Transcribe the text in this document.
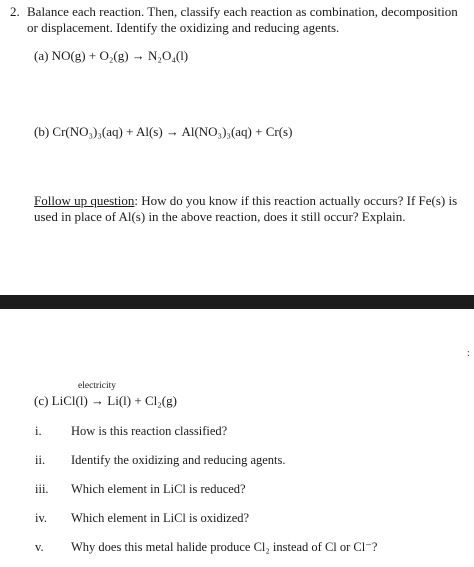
2. Balance each reaction. Then, classify each reaction as combination, decomposition
or displacement. Identify the oxidizing and reducing agents.
(a) NO(g) + O₂(g) → N₂O₄(l)
(b) Cr(NO₃)₃(aq) + Al(s) → Al(NO₃)₃(aq) + Cr(s)
Follow up question: How do you know if this reaction actually occurs? If Fe(s) is
used in place of Al(s) in the above reaction, does it still occur? Explain.
:
electricity
(c) LiCl(l) → Li(l) + Cl₂(g)
i. How is this reaction classified?
ii. Identify the oxidizing and reducing agents.
iii. Which element in LiCl is reduced?
iv. Which element in LiCl is oxidized?
v. Why does this metal halide produce Cl₂ instead of Cl or Cl⁻?
